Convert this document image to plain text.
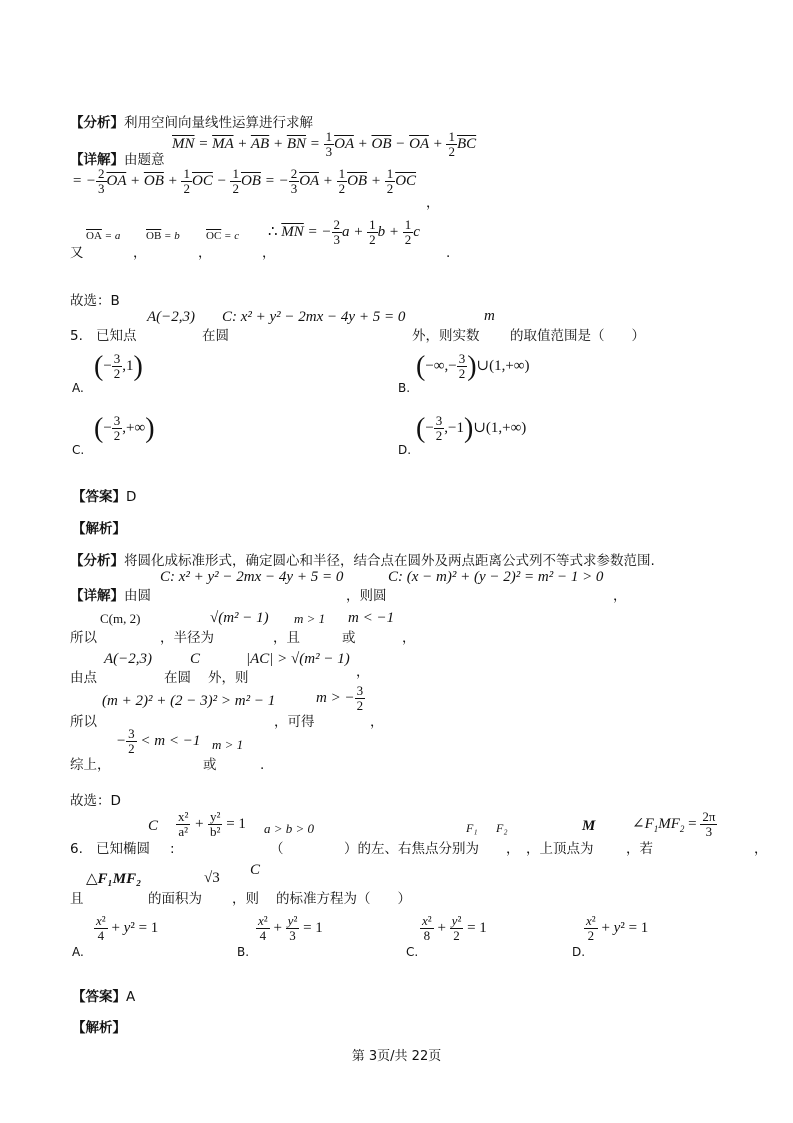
【分析】利用空间向量线性运算进行求解
$\overline{MN} = \overline{MA} + \overline{AB} + \overline{BN} = \frac{1}{3} \overline{OA} + \overline{OB} - \overline{OA} + \frac{1}{2} \overline{BC}$
【详解】由题意
= − $\frac{2}{3} \overline{OA} + \overline{OB} + \frac{1}{2} \overline{OC} - \frac{1}{2} \overline{OB}$ = − $\frac{2}{3} \overline{OA} + \frac{1}{2} \overline{OB} + \frac{1}{2} \overline{OC}$
，
又
$\overline{OA} = a$
，
$\overline{OB} = b$
，
$\overline{OC} = c$
，
∴ $\overline{MN}$ = − $\frac{2}{3}$ $a + \frac{1}{2}$ $b + \frac{1}{2}$ c
.
故选：B
5. 已知点
A(−2,3)
在圆
C: x² + y² − 2mx − 4y + 5 = 0
外，则实数
m
的取值范围是（　　）
A.
(− $\frac{3}{2} ,1$)
B.
(−∞,− $\frac{3}{2}$ )∪(1,+∞)
C.
(− $\frac{3}{2}$ ,+∞)
D.
(− $\frac{3}{2}$ ,−1)∪(1,+∞)
【答案】D
【解析】
【分析】将圆化成标准形式，确定圆心和半径，结合点在圆外及两点距离公式列不等式求参数范围.
【详解】由圆
C: x² + y² − 2mx − 4y + 5 = 0
，则圆
C: (x − m)² + (y − 2)² = m² − 1 > 0
，
所以
C(m, 2)
，半径为
√(m² − 1)
，且
m > 1
或
m < −1
，
由点
A(−2,3)
在圆
C
外，则
|AC| > √(m² − 1)
，
所以
(m + 2)² + (2 − 3)² > m² − 1
，可得
m > − $\frac{3}{2}$
，
综上，
− $\frac{3}{2} < m < -1$
或
m > 1
.
故选：D
6. 已知椭圆
C
:
$\frac{\text{x²}}{\text{a²}} + \frac{\text{y²}}{\text{b²}} = 1$
（
a > b > 0
）的左、右焦点分别为
F₁
，
F₂
，上顶点为
M
，若
$\angle F_1MF_2 = \frac{2\pi}{3}$
，
且
△F₁MF₂
的面积为
√3
，则
C
的标准方程为（　　）
A.
$\frac{\text{x²}}{4} + y^2 = 1$
B.
$\frac{\text{x²}}{4} + \frac{\text{y²}}{3} = 1$
C.
$\frac{\text{x²}}{8} + \frac{\text{y²}}{2} = 1$
D.
$\frac{\text{x²}}{2} + y^2 = 1$
【答案】A
【解析】
第 3页/共 22页
